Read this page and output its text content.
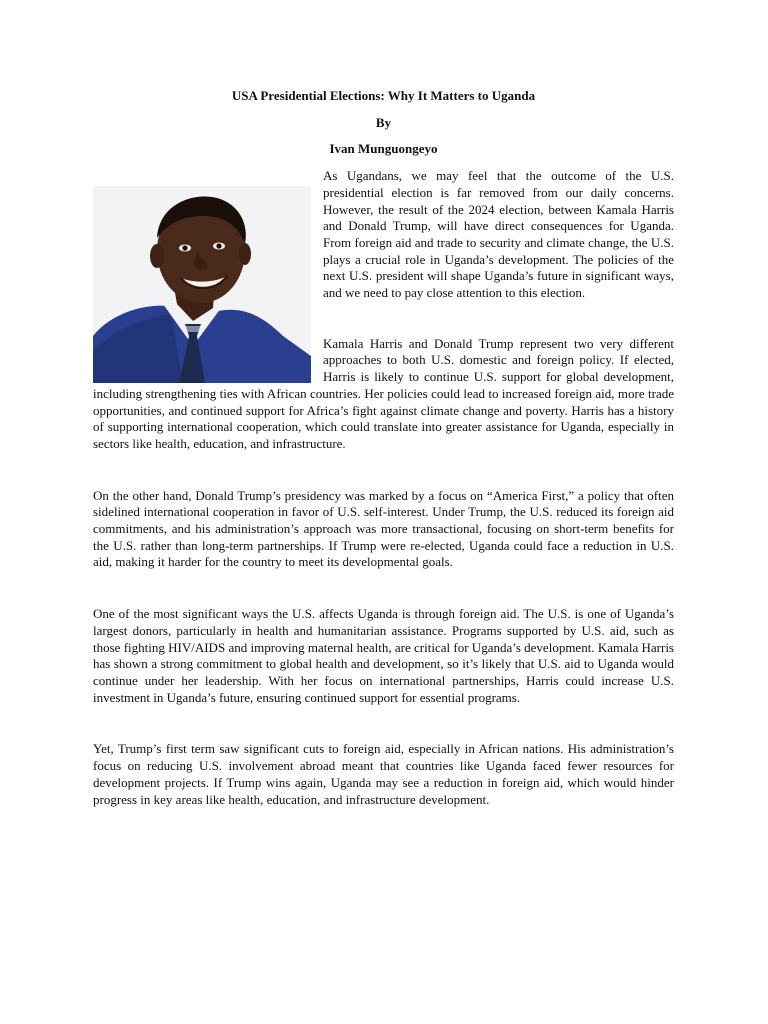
USA Presidential Elections: Why It Matters to Uganda

By

Ivan Munguongeyo

As Ugandans, we may feel that the outcome of the U.S. presidential election is far removed from our daily concerns. However, the result of the 2024 election, between Kamala Harris and Donald Trump, will have direct consequences for Uganda. From foreign aid and trade to security and climate change, the U.S. plays a crucial role in Uganda’s development. The policies of the next U.S. president will shape Uganda’s future in significant ways, and we need to pay close attention to this election.

Kamala Harris and Donald Trump represent two very different approaches to both U.S. domestic and foreign policy. If elected, Harris is likely to continue U.S. support for global development, including strengthening ties with African countries. Her policies could lead to increased foreign aid, more trade opportunities, and continued support for Africa’s fight against climate change and poverty. Harris has a history of supporting international cooperation, which could translate into greater assistance for Uganda, especially in sectors like health, education, and infrastructure.

On the other hand, Donald Trump’s presidency was marked by a focus on “America First,” a policy that often sidelined international cooperation in favor of U.S. self-interest. Under Trump, the U.S. reduced its foreign aid commitments, and his administration’s approach was more transactional, focusing on short-term benefits for the U.S. rather than long-term partnerships. If Trump were re-elected, Uganda could face a reduction in U.S. aid, making it harder for the country to meet its developmental goals.

One of the most significant ways the U.S. affects Uganda is through foreign aid. The U.S. is one of Uganda’s largest donors, particularly in health and humanitarian assistance. Programs supported by U.S. aid, such as those fighting HIV/AIDS and improving maternal health, are critical for Uganda’s development. Kamala Harris has shown a strong commitment to global health and development, so it’s likely that U.S. aid to Uganda would continue under her leadership. With her focus on international partnerships, Harris could increase U.S. investment in Uganda’s future, ensuring continued support for essential programs.

Yet, Trump’s first term saw significant cuts to foreign aid, especially in African nations. His administration’s focus on reducing U.S. involvement abroad meant that countries like Uganda faced fewer resources for development projects. If Trump wins again, Uganda may see a reduction in foreign aid, which would hinder progress in key areas like health, education, and infrastructure development.
